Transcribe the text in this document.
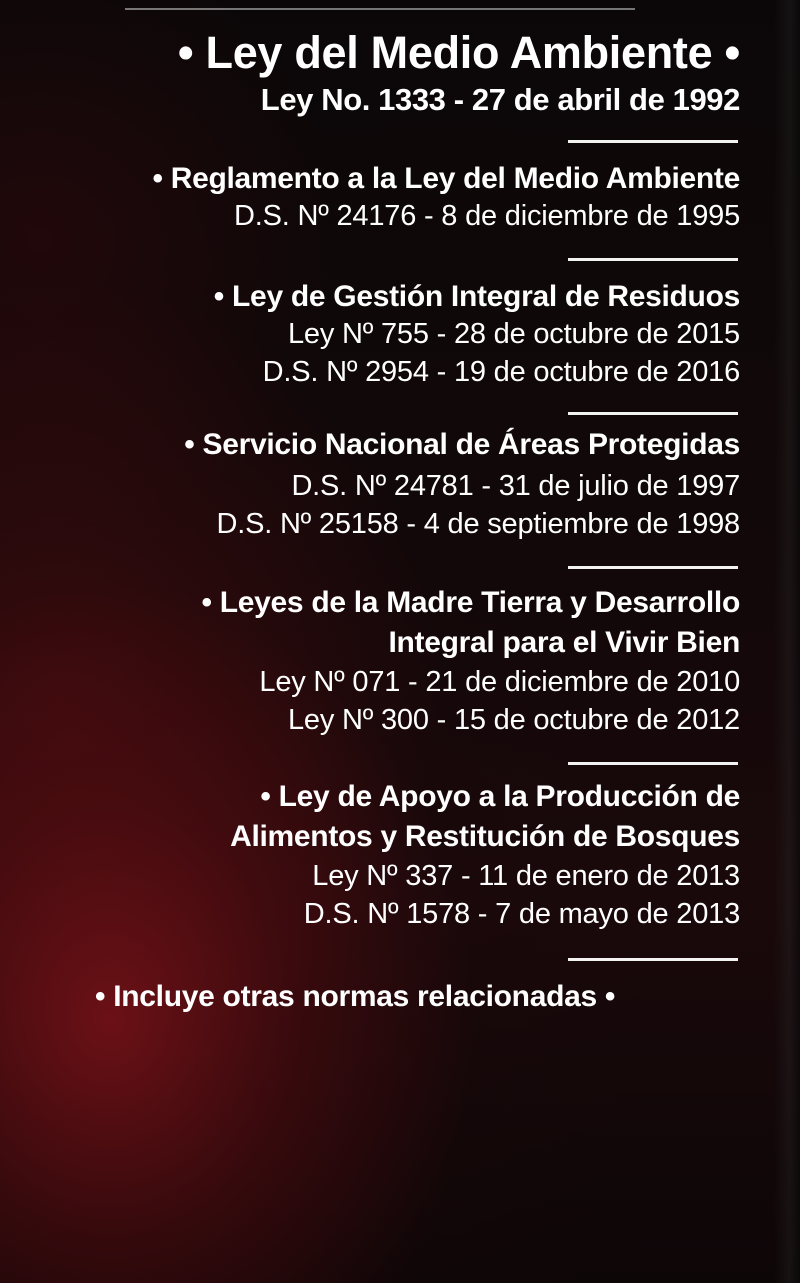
• Ley del Medio Ambiente •
Ley No. 1333 - 27 de abril de 1992
• Reglamento a la Ley del Medio Ambiente
D.S. Nº 24176 - 8 de diciembre de 1995
• Ley de Gestión Integral de Residuos
Ley Nº 755 - 28 de octubre de 2015
D.S. Nº 2954 - 19 de octubre de 2016
• Servicio Nacional de Áreas Protegidas
D.S. Nº 24781 - 31 de julio de 1997
D.S. Nº 25158 - 4 de septiembre de 1998
• Leyes de la Madre Tierra y Desarrollo
Integral para el Vivir Bien
Ley Nº 071 - 21 de diciembre de 2010
Ley Nº 300 - 15 de octubre de 2012
• Ley de Apoyo a la Producción de
Alimentos y Restitución de Bosques
Ley Nº 337 - 11 de enero de 2013
D.S. Nº 1578 - 7 de mayo de 2013
• Incluye otras normas relacionadas •
